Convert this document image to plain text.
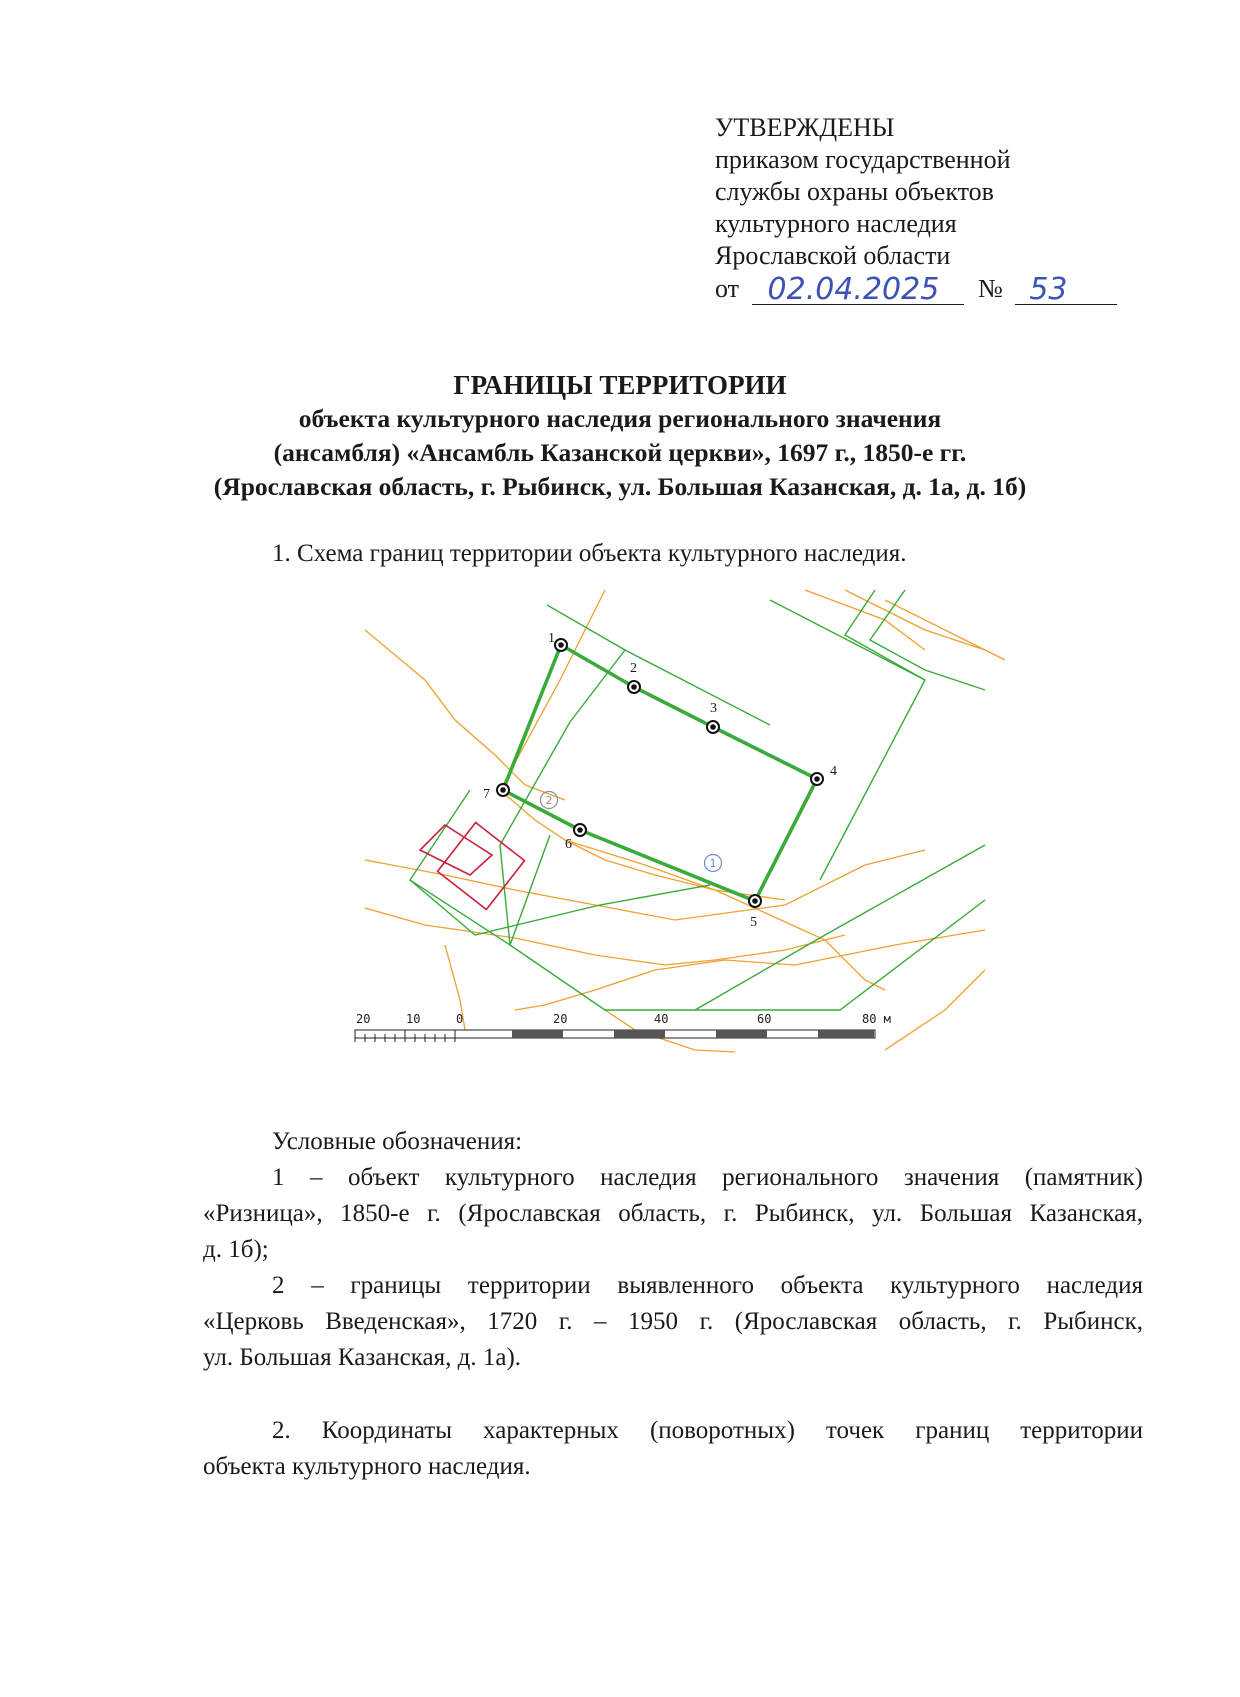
УТВЕРЖДЕНЫ
приказом государственной
службы охраны объектов
культурного наследия
Ярославской области
от 02.04.2025 № 53
ГРАНИЦЫ ТЕРРИТОРИИ
объекта культурного наследия регионального значения
(ансамбля) «Ансамбль Казанской церкви», 1697 г., 1850-е гг.
(Ярославская область, г. Рыбинск, ул. Большая Казанская, д. 1а, д. 1б)
1. Схема границ территории объекта культурного наследия.
1
2
3
4
5
6
7
1
2
20	10	0	20	40	60	80 м
Условные обозначения:
1 – объект культурного наследия регионального значения (памятник)
«Ризница», 1850-е г. (Ярославская область, г. Рыбинск, ул. Большая Казанская,
д. 1б);
2 – границы территории выявленного объекта культурного наследия
«Церковь Введенская», 1720 г. – 1950 г. (Ярославская область, г. Рыбинск,
ул. Большая Казанская, д. 1а).
2. Координаты характерных (поворотных) точек границ территории
объекта культурного наследия.
